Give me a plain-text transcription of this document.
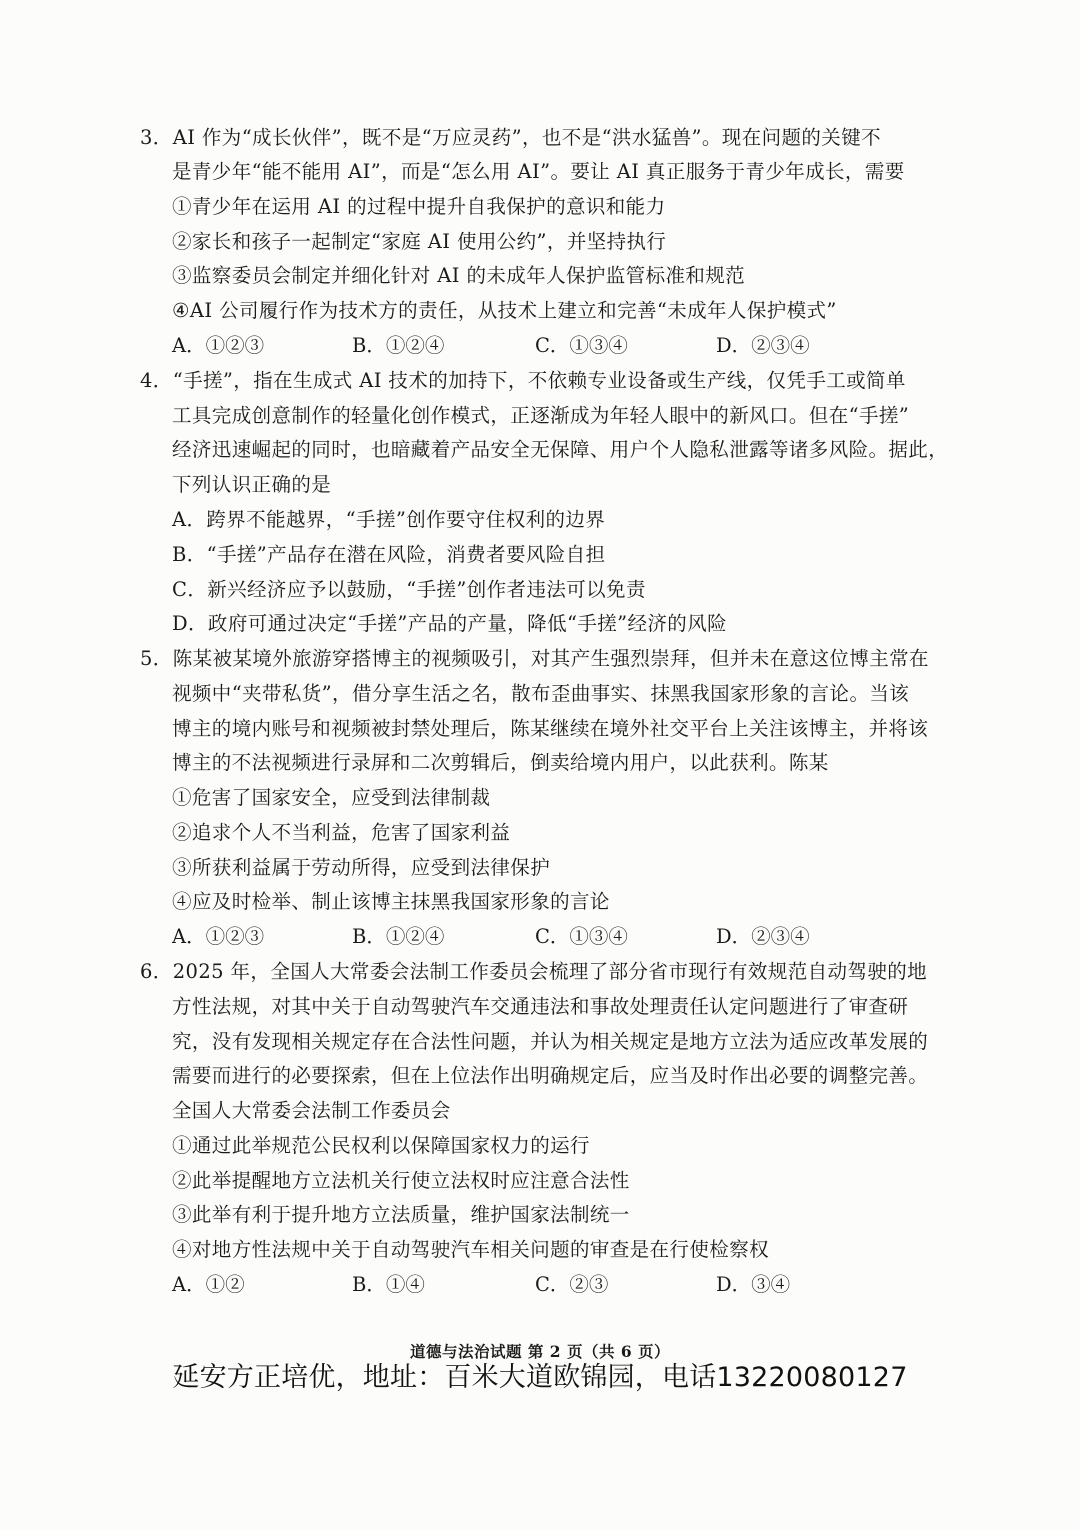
3．AI 作为“成长伙伴”，既不是“万应灵药”，也不是“洪水猛兽”。现在问题的关键不
是青少年“能不能用 AI”，而是“怎么用 AI”。要让 AI 真正服务于青少年成长，需要
①青少年在运用 AI 的过程中提升自我保护的意识和能力
②家长和孩子一起制定“家庭 AI 使用公约”，并坚持执行
③监察委员会制定并细化针对 AI 的未成年人保护监管标准和规范
④AI 公司履行作为技术方的责任，从技术上建立和完善“未成年人保护模式”
A．①②③	B．①②④	C．①③④	D．②③④
4．“手搓”，指在生成式 AI 技术的加持下，不依赖专业设备或生产线，仅凭手工或简单
工具完成创意制作的轻量化创作模式，正逐渐成为年轻人眼中的新风口。但在“手搓”
经济迅速崛起的同时，也暗藏着产品安全无保障、用户个人隐私泄露等诸多风险。据此，
下列认识正确的是
A．跨界不能越界，“手搓”创作要守住权利的边界
B．“手搓”产品存在潜在风险，消费者要风险自担
C．新兴经济应予以鼓励，“手搓”创作者违法可以免责
D．政府可通过决定“手搓”产品的产量，降低“手搓”经济的风险
5．陈某被某境外旅游穿搭博主的视频吸引，对其产生强烈崇拜，但并未在意这位博主常在
视频中“夹带私货”，借分享生活之名，散布歪曲事实、抹黑我国家形象的言论。当该
博主的境内账号和视频被封禁处理后，陈某继续在境外社交平台上关注该博主，并将该
博主的不法视频进行录屏和二次剪辑后，倒卖给境内用户，以此获利。陈某
①危害了国家安全，应受到法律制裁
②追求个人不当利益，危害了国家利益
③所获利益属于劳动所得，应受到法律保护
④应及时检举、制止该博主抹黑我国家形象的言论
A．①②③	B．①②④	C．①③④	D．②③④
6．2025 年，全国人大常委会法制工作委员会梳理了部分省市现行有效规范自动驾驶的地
方性法规，对其中关于自动驾驶汽车交通违法和事故处理责任认定问题进行了审查研
究，没有发现相关规定存在合法性问题，并认为相关规定是地方立法为适应改革发展的
需要而进行的必要探索，但在上位法作出明确规定后，应当及时作出必要的调整完善。
全国人大常委会法制工作委员会
①通过此举规范公民权利以保障国家权力的运行
②此举提醒地方立法机关行使立法权时应注意合法性
③此举有利于提升地方立法质量，维护国家法制统一
④对地方性法规中关于自动驾驶汽车相关问题的审查是在行使检察权
A．①②	B．①④	C．②③	D．③④
道德与法治试题 第 2 页（共 6 页）
延安方正培优，地址：百米大道欧锦园，电话13220080127
